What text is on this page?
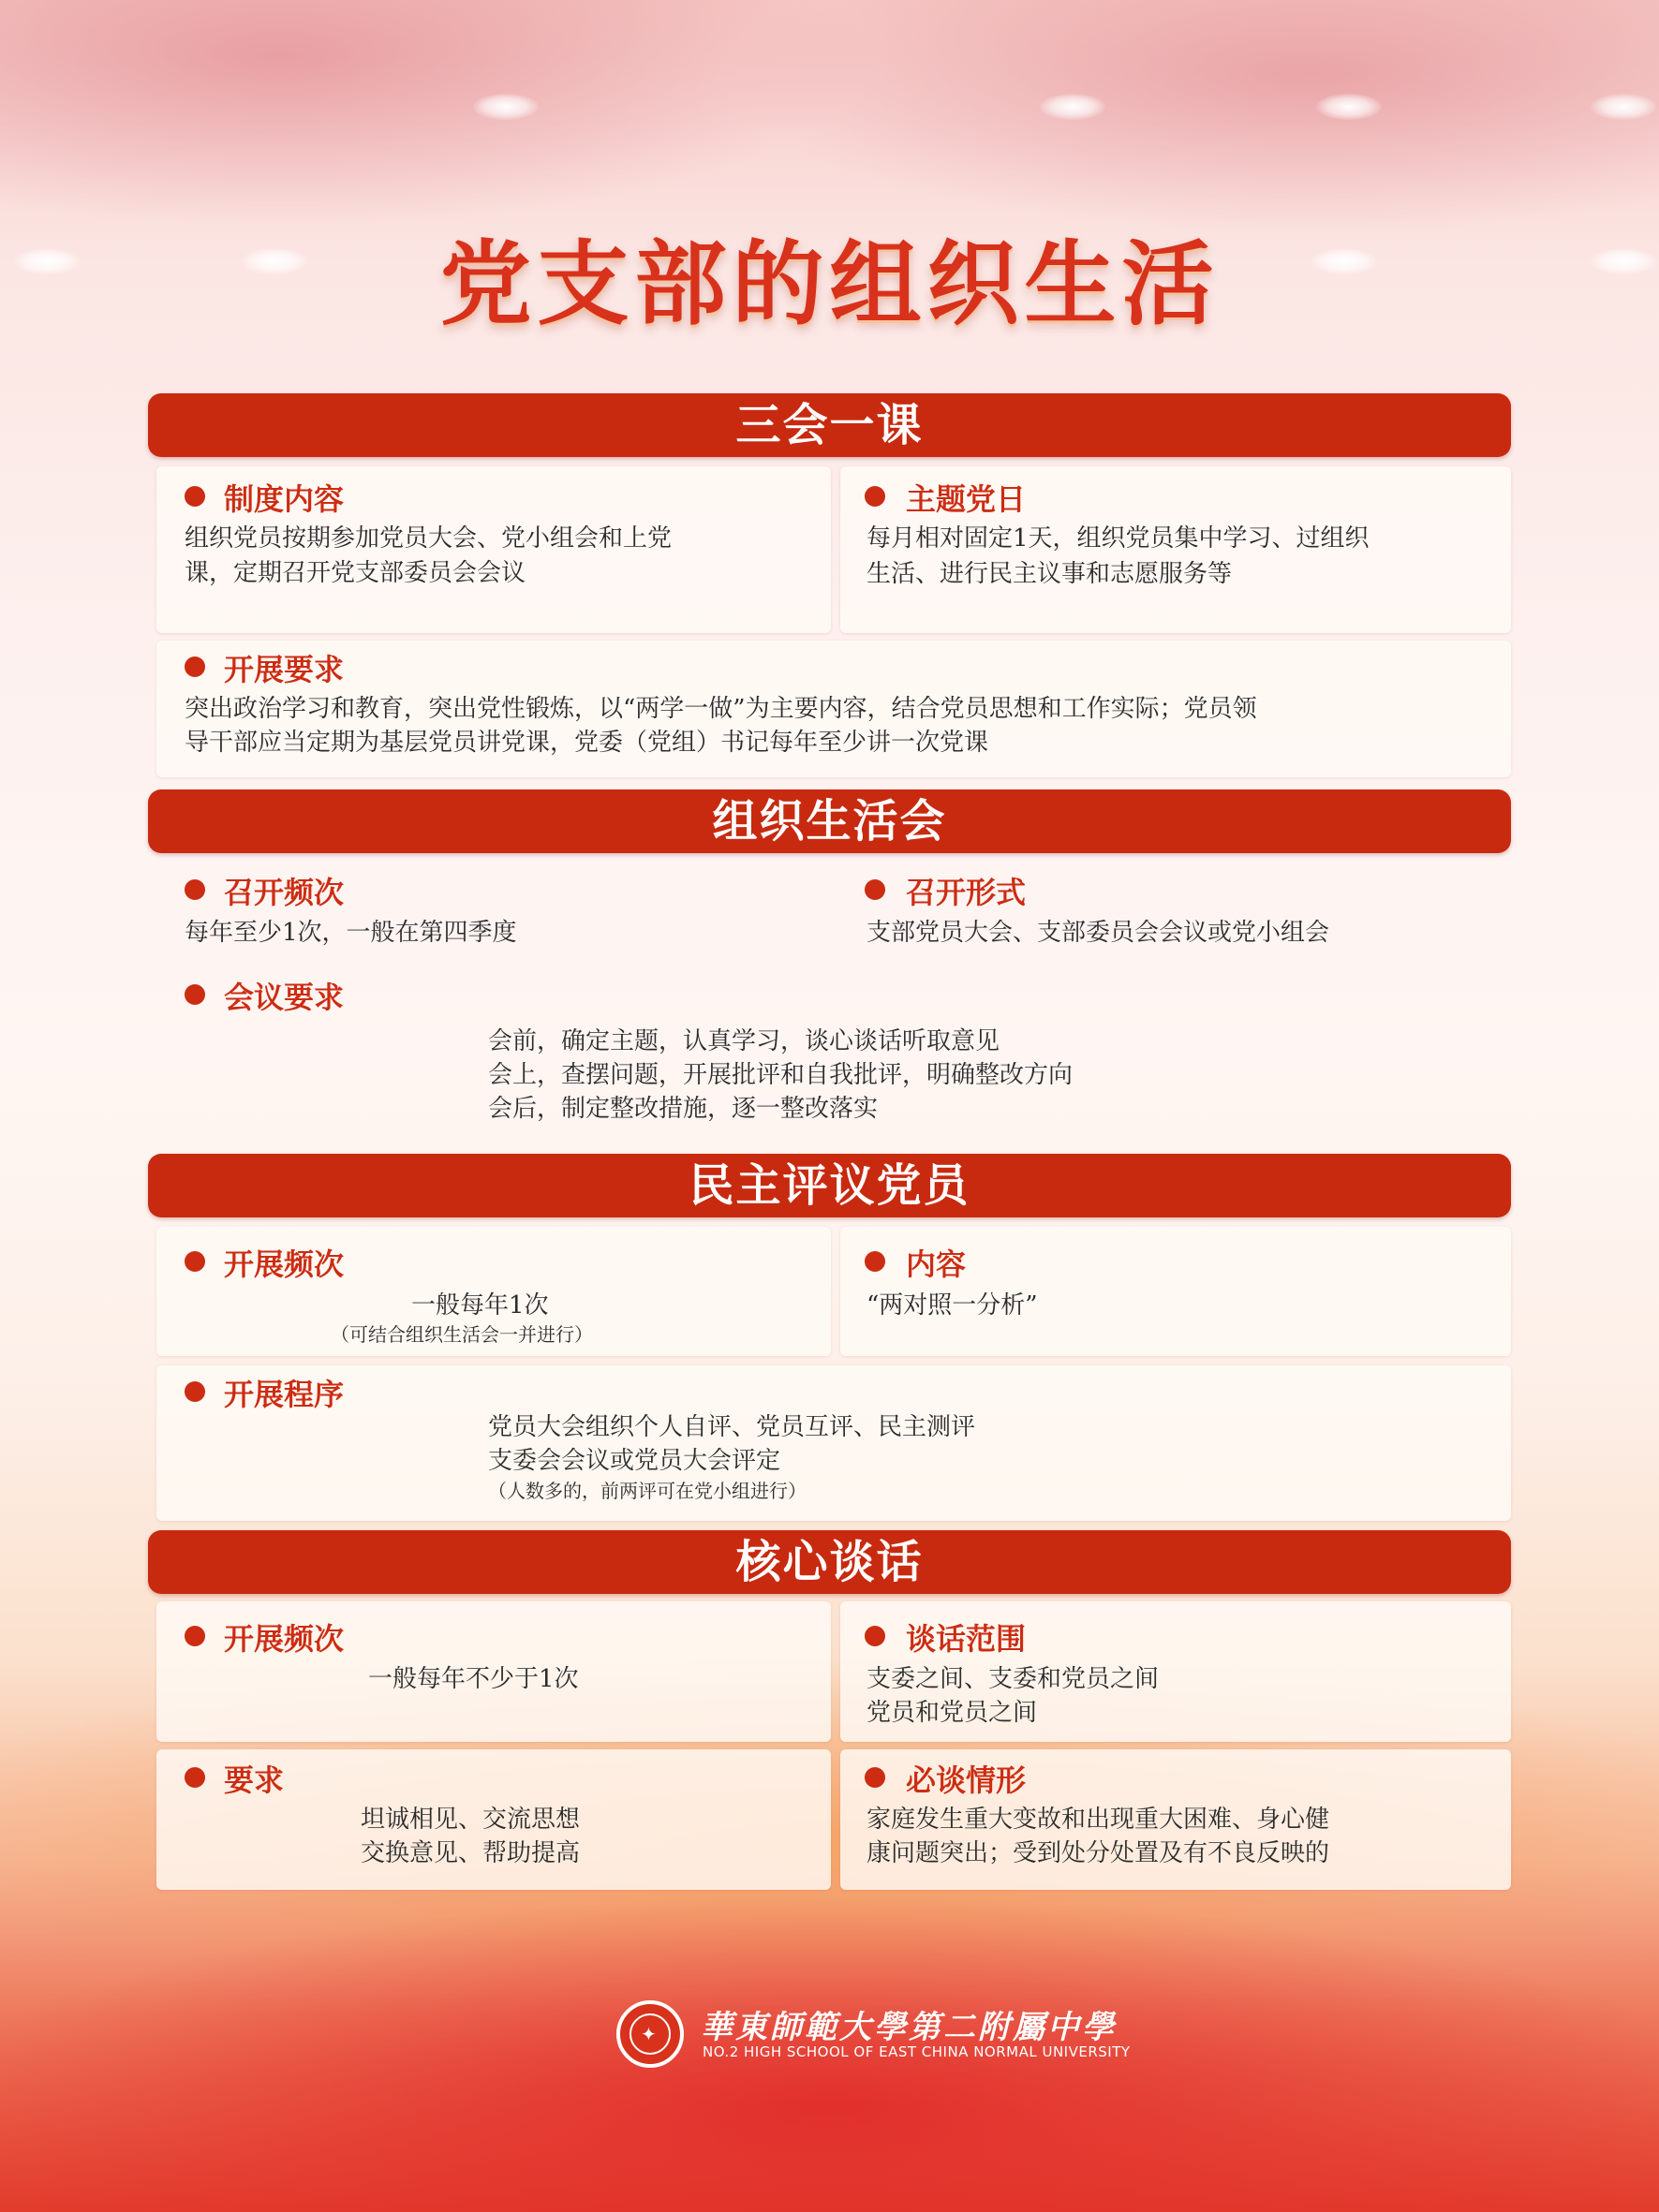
党支部的组织生活
三会一课
制度内容
组织党员按期参加党员大会、党小组会和上党
课，定期召开党支部委员会会议
主题党日
每月相对固定1天，组织党员集中学习、过组织
生活、进行民主议事和志愿服务等
开展要求
突出政治学习和教育，突出党性锻炼，以“两学一做”为主要内容，结合党员思想和工作实际；党员领
导干部应当定期为基层党员讲党课，党委（党组）书记每年至少讲一次党课
组织生活会
召开频次
每年至少1次，一般在第四季度
召开形式
支部党员大会、支部委员会会议或党小组会
会议要求
会前，确定主题，认真学习，谈心谈话听取意见
会上，查摆问题，开展批评和自我批评，明确整改方向
会后，制定整改措施，逐一整改落实
民主评议党员
开展频次
一般每年1次
（可结合组织生活会一并进行）
内容
“两对照一分析”
开展程序
党员大会组织个人自评、党员互评、民主测评
支委会会议或党员大会评定
（人数多的，前两评可在党小组进行）
核心谈话
开展频次
一般每年不少于1次
谈话范围
支委之间、支委和党员之间
党员和党员之间
要求
坦诚相见、交流思想
交换意见、帮助提高
必谈情形
家庭发生重大变故和出现重大困难、身心健
康问题突出；受到处分处置及有不良反映的
✦ 華東師範大學第二附屬中學
NO.2 HIGH SCHOOL OF EAST CHINA NORMAL UNIVERSITY
